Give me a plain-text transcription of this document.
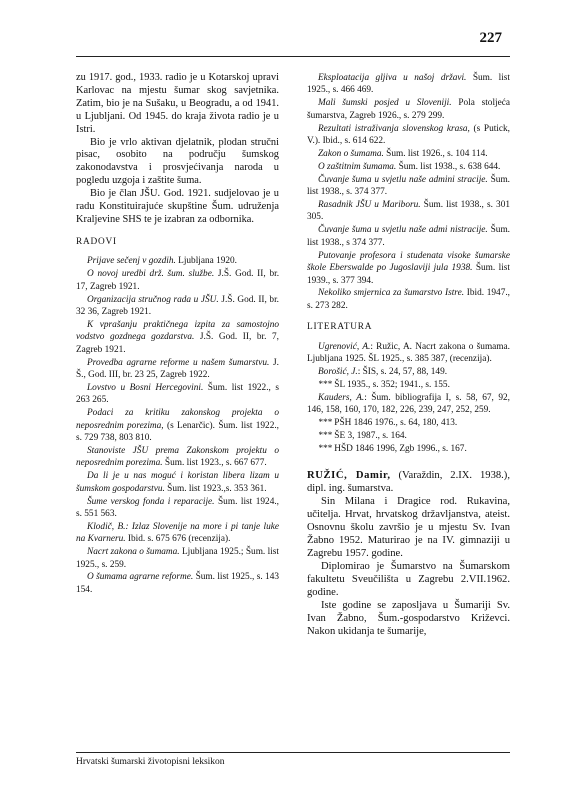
227

zu 1917. god., 1933. radio je u Kotarskoj upravi Karlovac na mjestu šumar skog savjetnika. Zatim, bio je na Sušaku, u Beogradu, a od 1941. u Ljubljani. Od 1945. do kraja života radio je u Istri.

Bio je vrlo aktivan djelatnik, plodan stručni pisac, osobito na području šumskog zakonodavstva i prosvjećivanja naroda u pogledu uzgoja i zaštite šuma.

Bio je član JŠU. God. 1921. sudjelovao je u radu Konstituirajuće skupštine Šum. udruženja Kraljevine SHS te je izabran za odbornika.

RADOVI

Prijave sečenj v gozdih. Ljubljana 1920.

O novoj uredbi drž. šum. službe. J.Š. God. II, br. 17, Zagreb 1921.

Organizacija stručnog rada u JŠU. J.Š. God. II, br. 32 36, Zagreb 1921.

K vprašanju praktičnega izpita za samostojno vodstvo gozdnega gozdarstva. J.Š. God. II, br. 7, Zagreb 1921.

Provedba agrarne reforme u našem šumarstvu. J. Š., God. III, br. 23 25, Zagreb 1922.

Lovstvo u Bosni Hercegovini. Šum. list 1922., s 263 265.

Podaci za kritiku zakonskog projekta o neposrednim porezima, (s Lenarčic). Šum. list 1922., s. 729 738, 803 810.

Stanoviste JŠU prema Zakonskom projektu o neposrednim porezima. Šum. list 1923., s. 667 677.

Da li je u nas moguć i koristan libera lizam u šumskom gospodarstvu. Šum. list 1923.,s. 353 361.

Šume verskog fonda i reparacije. Šum. list 1924., s. 551 563.

Klodič, B.: Izlaz Slovenije na more i pi tanje luke na Kvarneru. Ibid. s. 675 676 (recenzija).

Nacrt zakona o šumama. Ljubljana 1925.; Šum. list 1925., s. 259.

O šumama agrarne reforme. Šum. list 1925., s. 143 154.

Eksploatacija gljiva u našoj državi. Šum. list 1925., s. 466 469.

Mali šumski posjed u Sloveniji. Pola stoljeća šumarstva, Zagreb 1926., s. 279 299.

Rezultati istraživanja slovenskog krasa, (s Putick, V.). Ibid., s. 614 622.

Zakon o šumama. Šum. list 1926., s. 104 114.

O zaštitnim šumama. Šum. list 1938., s. 638 644.

Čuvanje šuma u svjetlu naše admini stracije. Šum. list 1938., s. 374 377.

Rasadnik JŠU u Mariboru. Šum. list 1938., s. 301 305.

Čuvanje šuma u svjetlu naše admi nistracije. Šum. list 1938., s 374 377.

Putovanje profesora i studenata visoke šumarske škole Eberswalde po Jugoslaviji jula 1938. Šum. list 1939., s. 377 394.

Nekoliko smjernica za šumarstvo Istre. Ibid. 1947., s. 273 282.

LITERATURA

Ugrenović, A.: Ružic, A. Nacrt zakona o šumama. Ljubljana 1925. ŠL 1925., s. 385 387, (recenzija).

Borošić, J.: ŠIS, s. 24, 57, 88, 149.

*** ŠL 1935., s. 352; 1941., s. 155.

Kauders, A.: Šum. bibliografija I, s. 58, 67, 92, 146, 158, 160, 170, 182, 226, 239, 247, 252, 259.

*** PŠH 1846 1976., s. 64, 180, 413.

*** ŠE 3, 1987., s. 164.

*** HŠD 1846 1996, Zgb 1996., s. 167.

RUŽIĆ, Damir, (Varaždin, 2.IX. 1938.), dipl. ing. šumarstva.

Sin Milana i Dragice rod. Rukavina, učitelja. Hrvat, hrvatskog državljanstva, ateist. Osnovnu školu završio je u mjestu Sv. Ivan Žabno 1952. Maturirao je na IV. gimnaziji u Zagrebu 1957. godine.

Diplomirao je Šumarstvo na Šumarskom fakultetu Sveučilišta u Zagrebu 2.VII.1962. godine.

Iste godine se zaposljava u Šumariji Sv. Ivan Žabno, Šum.-gospodarstvo Križevci. Nakon ukidanja te šumarije,

Hrvatski šumarski životopisni leksikon
